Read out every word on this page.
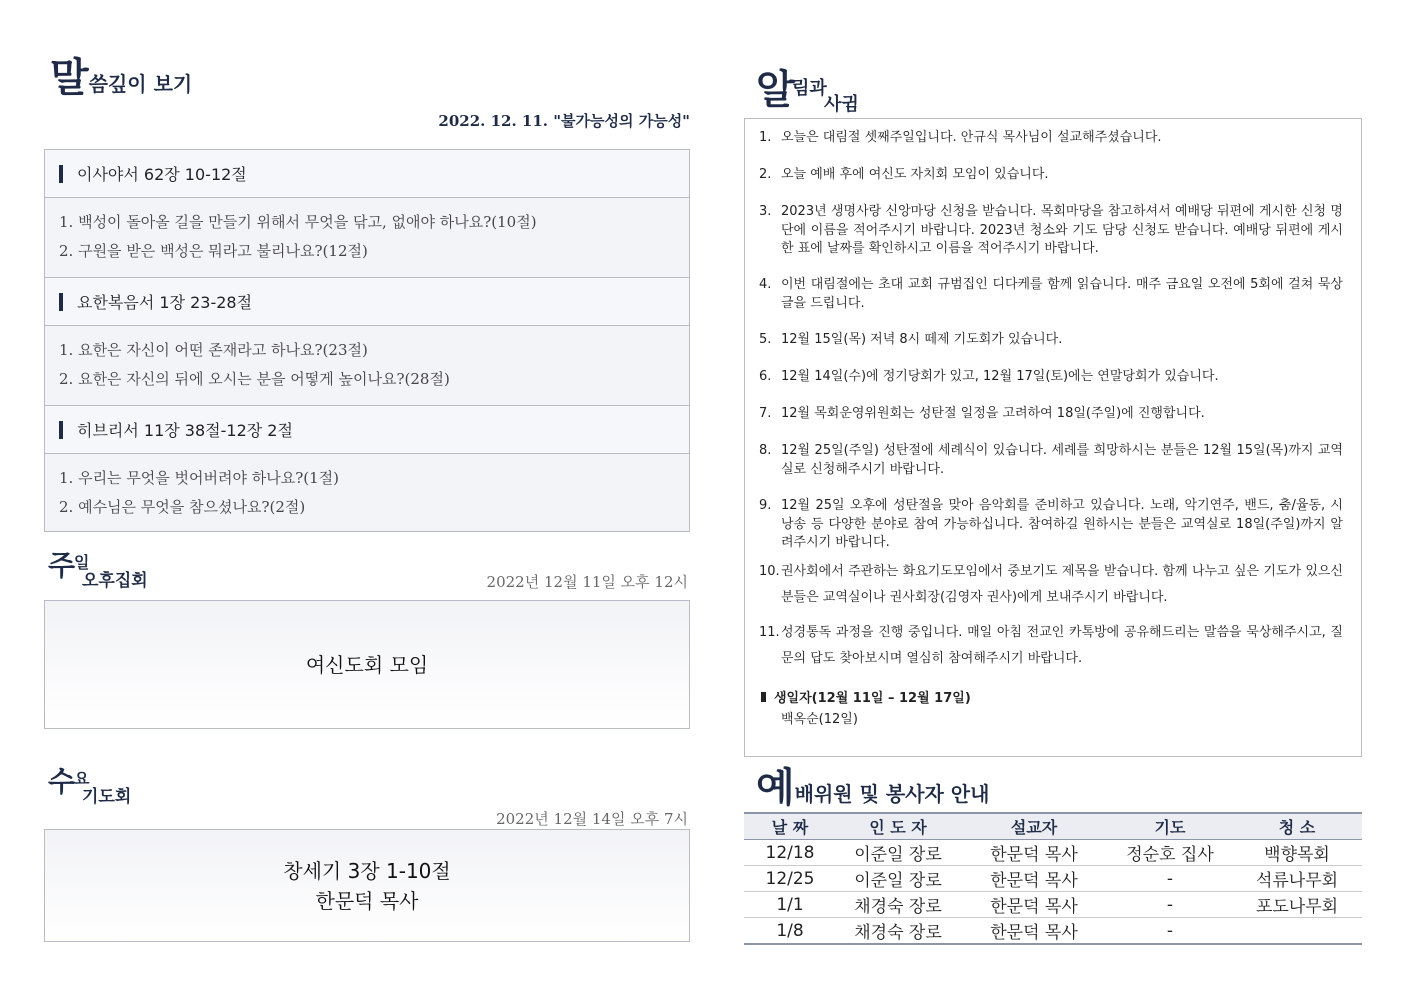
말씀깊이 보기
2022. 12. 11. "불가능성의 가능성"
이사야서 62장 10-12절
1. 백성이 돌아올 길을 만들기 위해서 무엇을 닦고, 없애야 하나요?(10절)
2. 구원을 받은 백성은 뭐라고 불리나요?(12절)
요한복음서 1장 23-28절
1. 요한은 자신이 어떤 존재라고 하나요?(23절)
2. 요한은 자신의 뒤에 오시는 분을 어떻게 높이나요?(28절)
히브리서 11장 38절-12장 2절
1. 우리는 무엇을 벗어버려야 하나요?(1절)
2. 예수님은 무엇을 참으셨나요?(2절)
주
일
오후집회	2022년 12월 11일 오후 12시
여신도회 모임
수
요
기도회
2022년 12월 14일 오후 7시
창세기 3장 1-10절
한문덕 목사
알
림과
사귐
1. 오늘은 대림절 셋째주일입니다. 안규식 목사님이 설교해주셨습니다.
2. 오늘 예배 후에 여신도 자치회 모임이 있습니다.
3. 2023년 생명사랑 신앙마당 신청을 받습니다. 목회마당을 참고하셔서 예배당 뒤편에 게시한 신청 명단에 이름을 적어주시기 바랍니다. 2023년 청소와 기도 담당 신청도 받습니다. 예배당 뒤편에 게시한 표에 날짜를 확인하시고 이름을 적어주시기 바랍니다.
4. 이번 대림절에는 초대 교회 규범집인 디다케를 함께 읽습니다. 매주 금요일 오전에 5회에 걸쳐 묵상 글을 드립니다.
5. 12월 15일(목) 저녁 8시 떼제 기도회가 있습니다.
6. 12월 14일(수)에 정기당회가 있고, 12월 17일(토)에는 연말당회가 있습니다.
7. 12월 목회운영위원회는 성탄절 일정을 고려하여 18일(주일)에 진행합니다.
8. 12월 25일(주일) 성탄절에 세례식이 있습니다. 세례를 희망하시는 분들은 12월 15일(목)까지 교역실로 신청해주시기 바랍니다.
9. 12월 25일 오후에 성탄절을 맞아 음악회를 준비하고 있습니다. 노래, 악기연주, 밴드, 춤/율동, 시 낭송 등 다양한 분야로 참여 가능하십니다. 참여하길 원하시는 분들은 교역실로 18일(주일)까지 알려주시기 바랍니다.
10. 권사회에서 주관하는 화요기도모임에서 중보기도 제목을 받습니다. 함께 나누고 싶은 기도가 있으신 분들은 교역실이나 권사회장(김영자 권사)에게 보내주시기 바랍니다.
11. 성경통독 과정을 진행 중입니다. 매일 아침 전교인 카톡방에 공유해드리는 말씀을 묵상해주시고, 질문의 답도 찾아보시며 열심히 참여해주시기 바랍니다.
생일자(12월 11일 – 12월 17일)
백옥순(12일)
예배위원 및 봉사자 안내
날 짜	인 도 자	설교자	기도	청 소
12/18	이준일 장로	한문덕 목사	정순호 집사	백향목회
12/25	이준일 장로	한문덕 목사	-	석류나무회
1/1	채경숙 장로	한문덕 목사	-	포도나무회
1/8	채경숙 장로	한문덕 목사	-	
